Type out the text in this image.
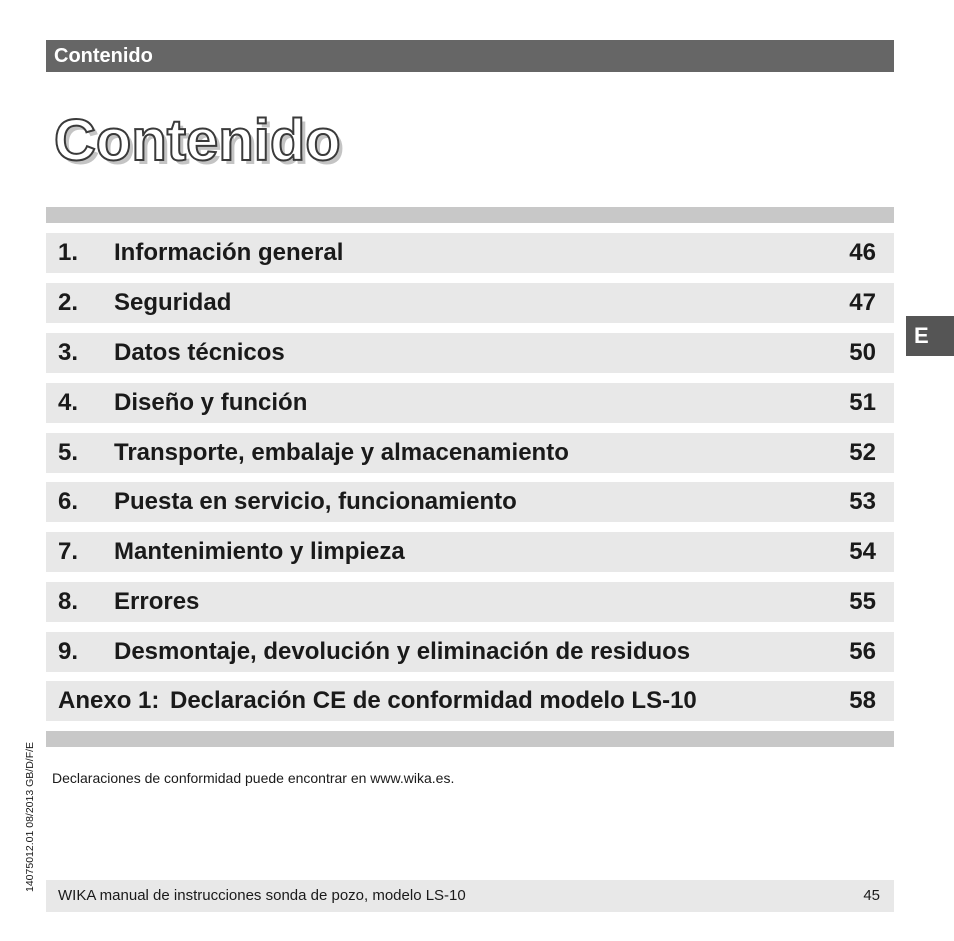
Contenido
Contenido
1. Información general	46
2. Seguridad	47
3. Datos técnicos	50
4. Diseño y función	51
5. Transporte, embalaje y almacenamiento	52
6. Puesta en servicio, funcionamiento	53
7. Mantenimiento y limpieza	54
8. Errores	55
9. Desmontaje, devolución y eliminación de residuos	56
Anexo 1: Declaración CE de conformidad modelo LS-10	58
E
14075012.01 08/2013 GB/D/F/E Declaraciones de conformidad puede encontrar en www.wika.es.
WIKA manual de instrucciones sonda de pozo, modelo LS-10	45
